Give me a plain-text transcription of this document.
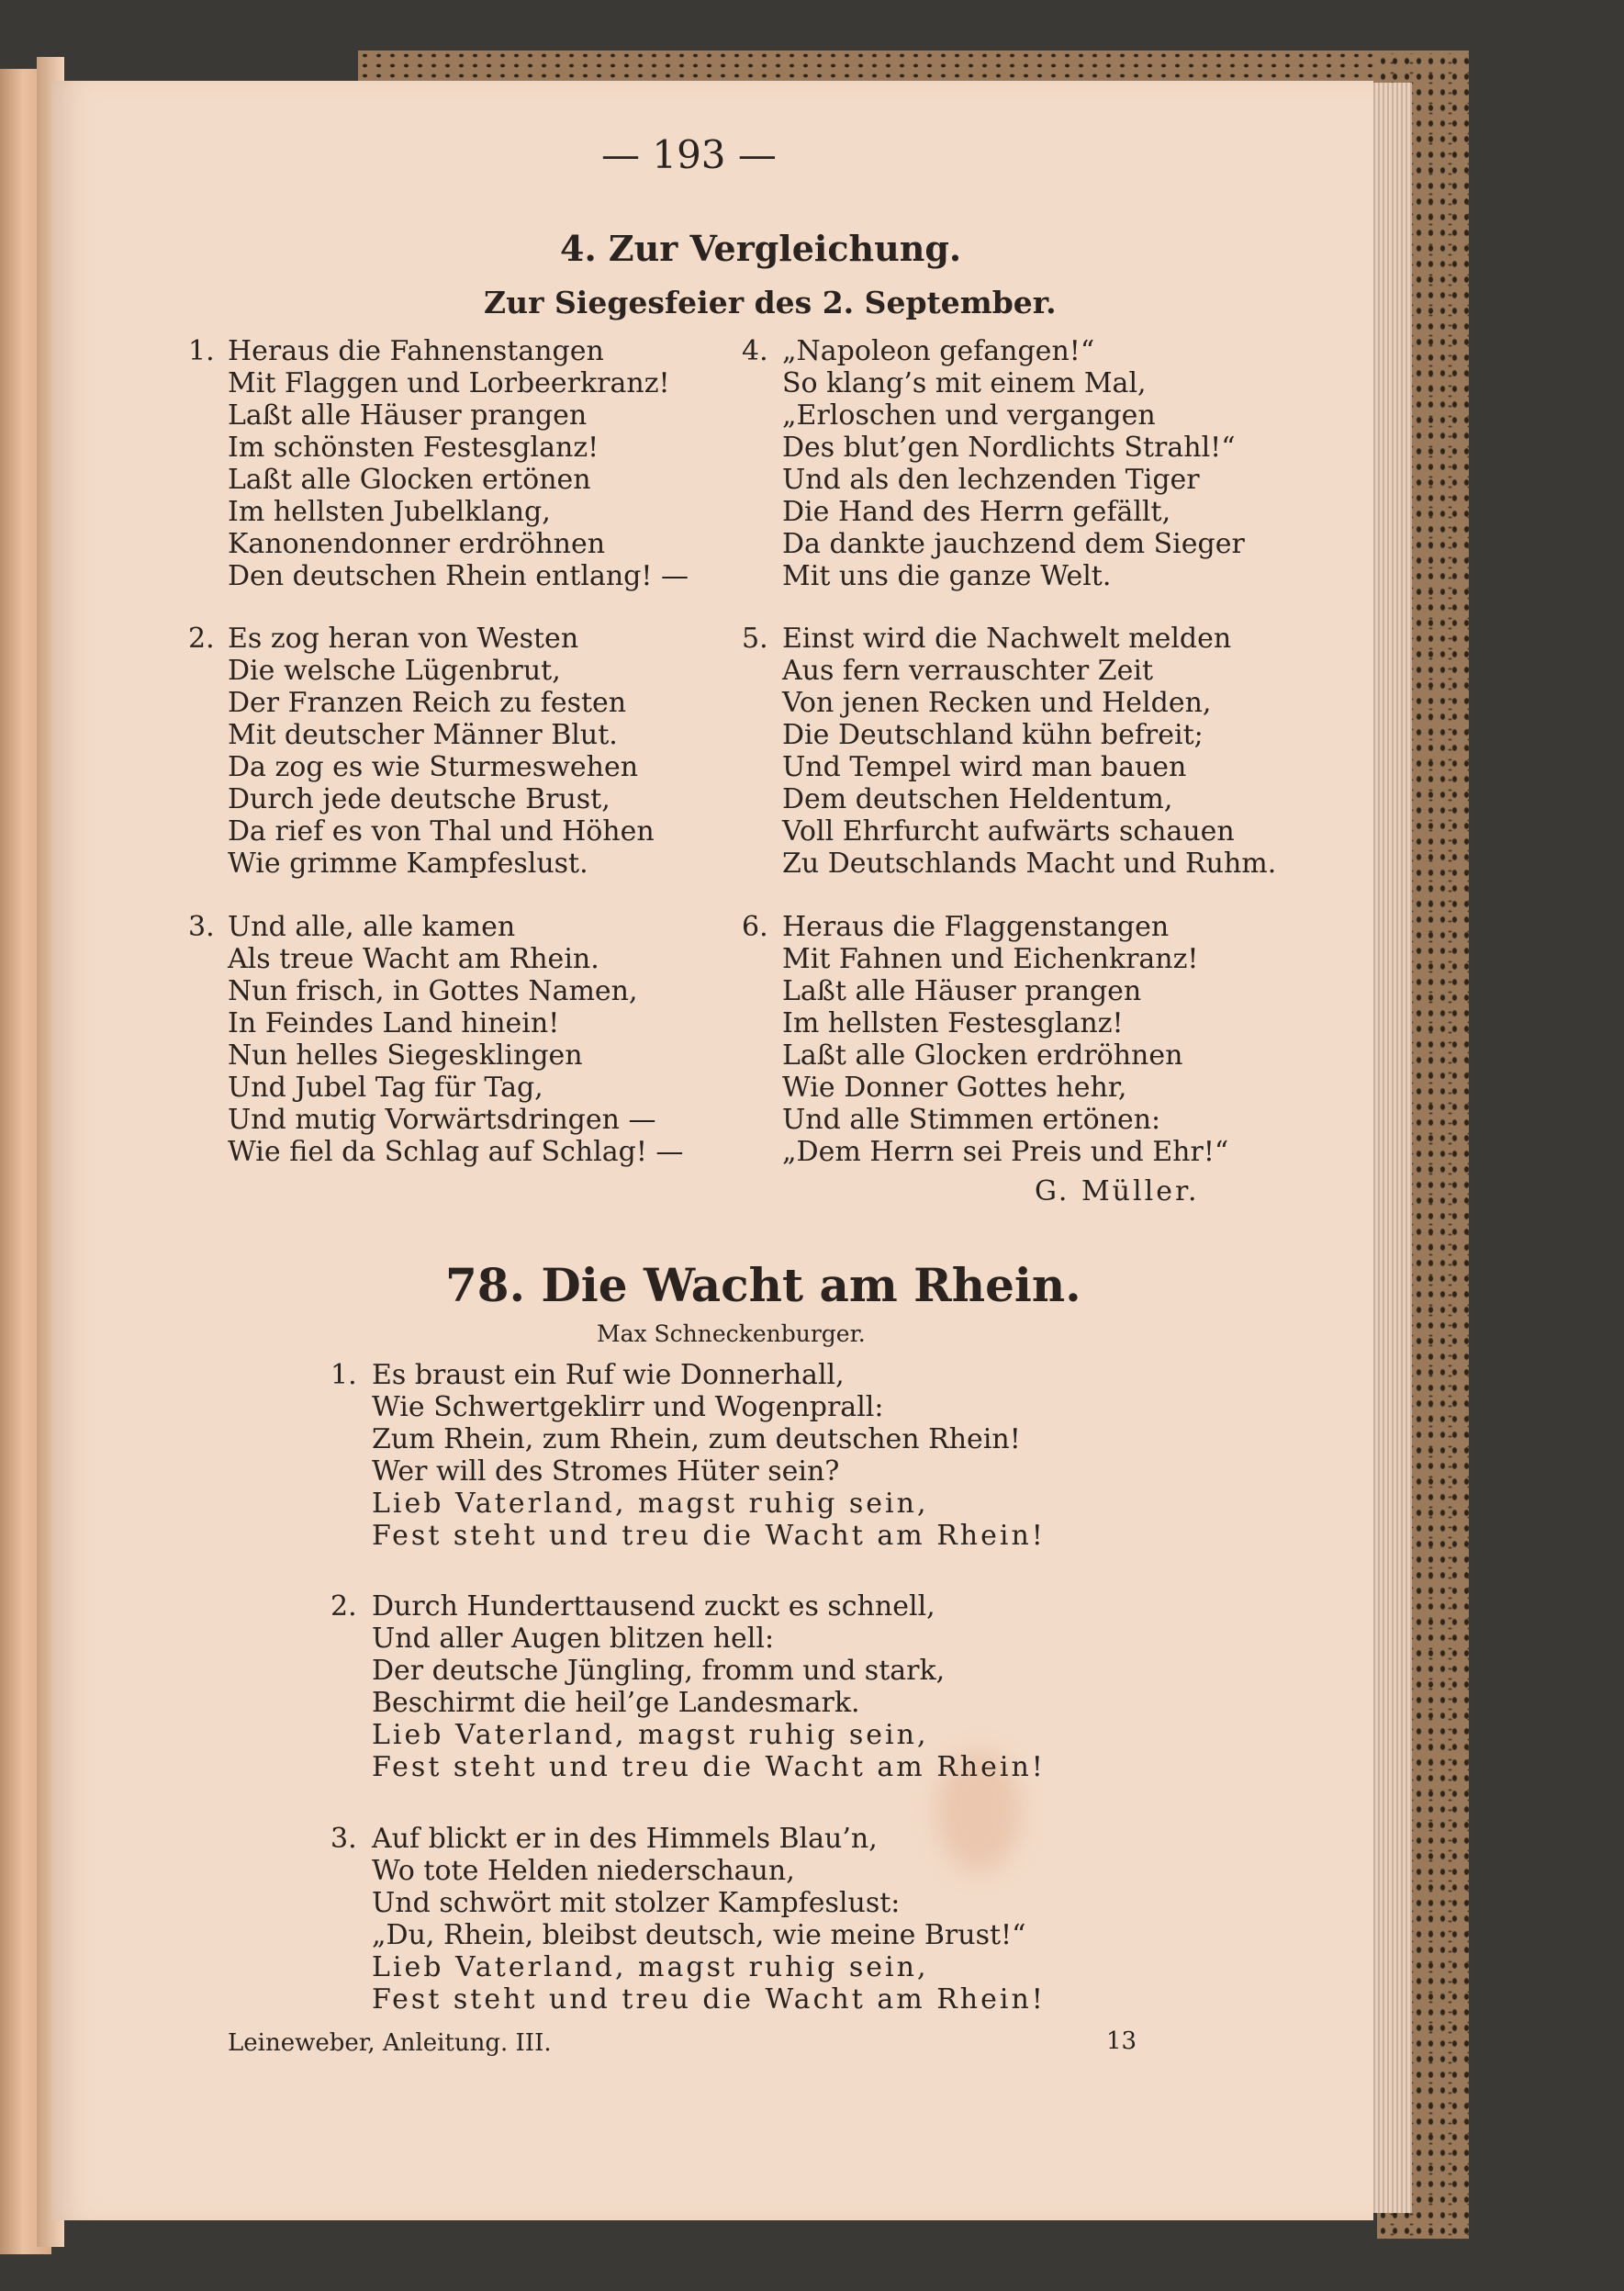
— 193 —
4. Zur Vergleichung.
Zur Siegesfeier des 2. September.
1. Heraus die Fahnenstangen
Mit Flaggen und Lorbeerkranz!
Laßt alle Häuser prangen
Im schönsten Festesglanz!
Laßt alle Glocken ertönen
Im hellsten Jubelklang,
Kanonendonner erdröhnen
Den deutschen Rhein entlang! —
2. Es zog heran von Westen
Die welsche Lügenbrut,
Der Franzen Reich zu festen
Mit deutscher Männer Blut.
Da zog es wie Sturmeswehen
Durch jede deutsche Brust,
Da rief es von Thal und Höhen
Wie grimme Kampfeslust.
3. Und alle, alle kamen
Als treue Wacht am Rhein.
Nun frisch, in Gottes Namen,
In Feindes Land hinein!
Nun helles Siegesklingen
Und Jubel Tag für Tag,
Und mutig Vorwärtsdringen —
Wie fiel da Schlag auf Schlag! —
4. „Napoleon gefangen!“
So klang’s mit einem Mal,
„Erloschen und vergangen
Des blut’gen Nordlichts Strahl!“
Und als den lechzenden Tiger
Die Hand des Herrn gefällt,
Da dankte jauchzend dem Sieger
Mit uns die ganze Welt.
5. Einst wird die Nachwelt melden
Aus fern verrauschter Zeit
Von jenen Recken und Helden,
Die Deutschland kühn befreit;
Und Tempel wird man bauen
Dem deutschen Heldentum,
Voll Ehrfurcht aufwärts schauen
Zu Deutschlands Macht und Ruhm.
6. Heraus die Flaggenstangen
Mit Fahnen und Eichenkranz!
Laßt alle Häuser prangen
Im hellsten Festesglanz!
Laßt alle Glocken erdröhnen
Wie Donner Gottes hehr,
Und alle Stimmen ertönen:
„Dem Herrn sei Preis und Ehr!“
G. Müller.
78. Die Wacht am Rhein.
Max Schneckenburger.
1. Es braust ein Ruf wie Donnerhall,
Wie Schwertgeklirr und Wogenprall:
Zum Rhein, zum Rhein, zum deutschen Rhein!
Wer will des Stromes Hüter sein?
Lieb Vaterland, magst ruhig sein,
Fest steht und treu die Wacht am Rhein!
2. Durch Hunderttausend zuckt es schnell,
Und aller Augen blitzen hell:
Der deutsche Jüngling, fromm und stark,
Beschirmt die heil’ge Landesmark.
Lieb Vaterland, magst ruhig sein,
Fest steht und treu die Wacht am Rhein!
3. Auf blickt er in des Himmels Blau’n,
Wo tote Helden niederschaun,
Und schwört mit stolzer Kampfeslust:
„Du, Rhein, bleibst deutsch, wie meine Brust!“
Lieb Vaterland, magst ruhig sein,
Fest steht und treu die Wacht am Rhein!
Leineweber, Anleitung. III.	13
